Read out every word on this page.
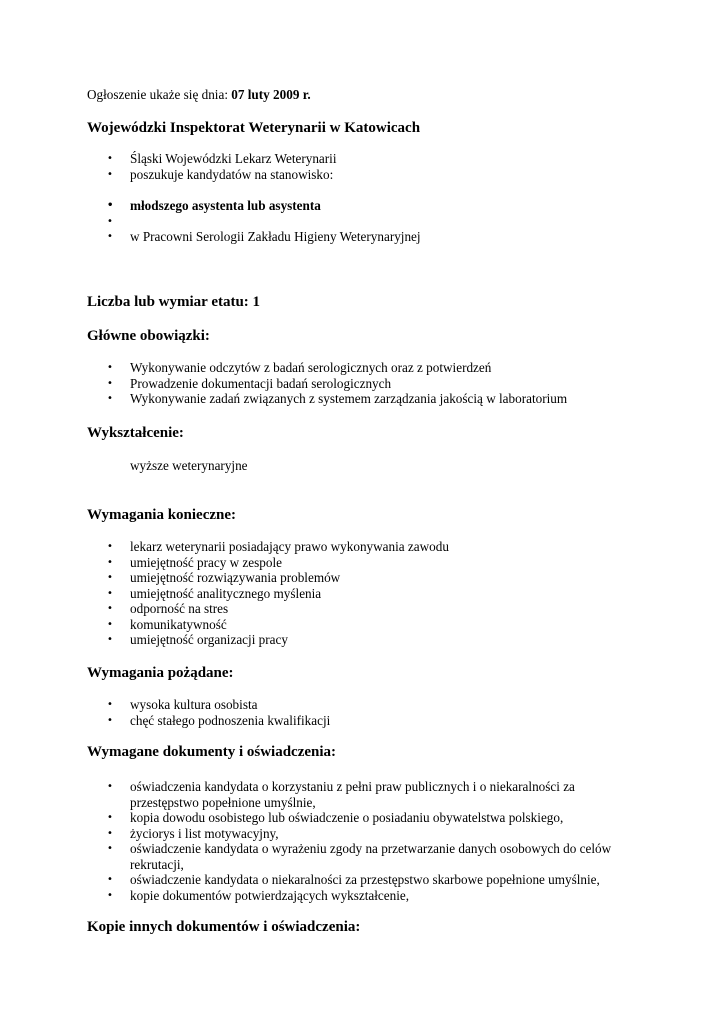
Ogłoszenie ukaże się dnia: 07 luty 2009 r.
Wojewódzki Inspektorat Weterynarii w Katowicach
• Śląski Wojewódzki Lekarz Weterynarii
• poszukuje kandydatów na stanowisko:
• młodszego asystenta lub asystenta
•
• w Pracowni Serologii Zakładu Higieny Weterynaryjnej
Liczba lub wymiar etatu: 1
Główne obowiązki:
• Wykonywanie odczytów z badań serologicznych oraz z potwierdzeń
• Prowadzenie dokumentacji badań serologicznych
• Wykonywanie zadań związanych z systemem zarządzania jakością w laboratorium
Wykształcenie:
wyższe weterynaryjne
Wymagania konieczne:
• lekarz weterynarii posiadający prawo wykonywania zawodu
• umiejętność pracy w zespole
• umiejętność rozwiązywania problemów
• umiejętność analitycznego myślenia
• odporność na stres
• komunikatywność
• umiejętność organizacji pracy
Wymagania pożądane:
• wysoka kultura osobista
• chęć stałego podnoszenia kwalifikacji
Wymagane dokumenty i oświadczenia:
• oświadczenia kandydata o korzystaniu z pełni praw publicznych i o niekaralności za przestępstwo popełnione umyślnie,
• kopia dowodu osobistego lub oświadczenie o posiadaniu obywatelstwa polskiego,
• życiorys i list motywacyjny,
• oświadczenie kandydata o wyrażeniu zgody na przetwarzanie danych osobowych do celów rekrutacji,
• oświadczenie kandydata o niekaralności za przestępstwo skarbowe popełnione umyślnie,
• kopie dokumentów potwierdzających wykształcenie,
Kopie innych dokumentów i oświadczenia:
